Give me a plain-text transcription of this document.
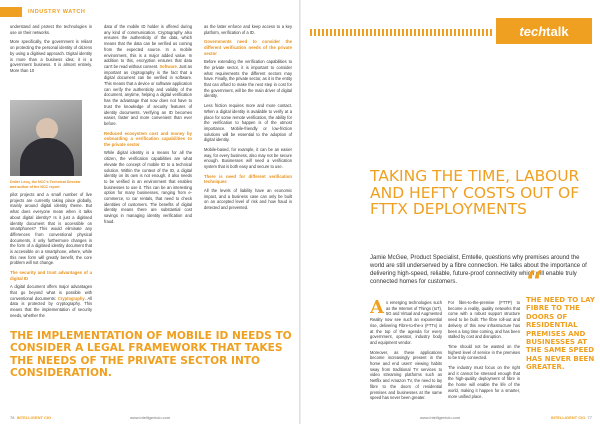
INDUSTRY WATCH

understand and protect the technologies in use on their networks.

More specifically, the government is reliant on protecting the personal identity of citizens by using a digitised approach. Digital identity is more than a business idea; it is a government business. It is almost entirely. More than 10

Didier Lecq, the NCC's Technical Director and author of the NCC report

pilot projects and a small number of live projects are currently taking place globally, mainly around digital identity theme. But what does everyone mean when it talks about digital identity? Is it just a digitised identity document that is accessible on smartphones? This would eliminate any differences from conventional physical documents, it only furthermore changes in the form of a digitised identity document that is accessible on a smartphone, where, while this new form will greatly benefit, the core problem will not change.

The security and trust advantages of a digital ID

A digital document offers major advantages that go beyond what is possible with conventional documents: Cryptography. All data is protected by cryptography. This means that the implementation of security needs, whether the

data of the mobile ID holder is offered during any kind of communication. Cryptography also ensures the authenticity of the data, which means that the data can be verified as coming from the expected source. In a mobile environment, this is a major added value. In addition to this, encryption ensures that data can't be read without consent. Software. Just as important as cryptography is the fact that a digital document can be verified in software. This means that a device or software application can verify the authenticity and validity of the document, anytime, helping a digital verification has the advantage that now does not have to trust the knowledge of security features of identity documents. Verifying an ID becomes easier, faster and more convenient than ever before.

Reduced ecosystem cost and money by onboarding a verification capabilities to the private sector

While digital identity is a means for all the citizen, the verification capabilities are what elevate the concept of mobile ID to a technical solution. Within the context of the ID, a digital identity on its own is not enough, it also needs to be verified in an environment that enables businesses to use it. This can be an interesting option for many businesses, ranging from e-commerce, to car rentals, that need to check identities of customers. The benefits of digital identity means there are substantial cost savings in managing identity verification and fraud.

as the latter enforce and keep access to a key platform, verification of a ID.

Governments need to consider the different verification needs of the private sector

Before extending the verification capabilities to the private sector, it is important to consider what requirements the different sectors may have. Finally, the private sector, as it is the entity that can afford to make the next step in cost for the government, will be the main driver of digital identity.

Less friction requires more and more contact. When a digital identity is available to verify at a place for some remote verification, the ability for the verification to happen is of the utmost importance. Mobile-friendly or low-friction solutions will be essential to the adoption of digital identity.

Mobile-based, for example, it can be an easier way, for every business, also may not be secure enough. Businesses will need a verification system that is both easy and secure to use.

There is need for different verification techniques

All the levels of liability have an economic impact, and a business case can only be built on an accepted level of risk and how fraud is detected and prevented.

THE IMPLEMENTATION OF MOBILE ID NEEDS TO CONSIDER A LEGAL FRAMEWORK THAT TAKES THE NEEDS OF THE PRIVATE SECTOR INTO CONSIDERATION.
76 INTELLIGENT CIO	www.intelligentcio.com
tech talk
TAKING THE TIME, LABOUR AND HEFTY COSTS OUT OF FTTX DEPLOYMENTS
Jamie McGee, Product Specialist, Emtelle, questions why premises around the world are still underserved by a fibre connection. He talks about the importance of delivering high-speed, reliable, future-proof connectivity which will enable truly connected homes for customers.

As emerging technologies such as the Internet of Things (IoT), 5G and Virtual and Augmented Reality now see such an exponential rise, delivering Fibre-to-the-x (FTTx) is at the top of the agenda for every government, operator, industry body and equipment vendor.

Moreover, as these applications become increasingly present in the home and end users' viewing habits sway from traditional TV services to video streaming platforms such as Netflix and Amazon TV, the need to lay fibre to the doors of residential premises and businesses at the same speed has never been greater.

For fibre-to-the-premise (FTTP) to become a reality, quality networks that come with a robust support structure need to be built. The fibre roll-out and delivery of this new infrastructure has been a long time coming, and has been stalled by cost and disruption.

Time should not be wasted on the highest level of service in the premises to be truly connected.

The industry must focus on the right and it cannot be stressed enough that the high-quality deployment of fibre in the home will enable the life of the world, making it happen for a smarter, more unified place.

“
THE NEED TO LAY FIBRE TO THE DOORS OF RESIDENTIAL PREMISES AND BUSINESSES AT THE SAME SPEED HAS NEVER BEEN GREATER.
www.intelligentcio.com	INTELLIGENT CIO 77
